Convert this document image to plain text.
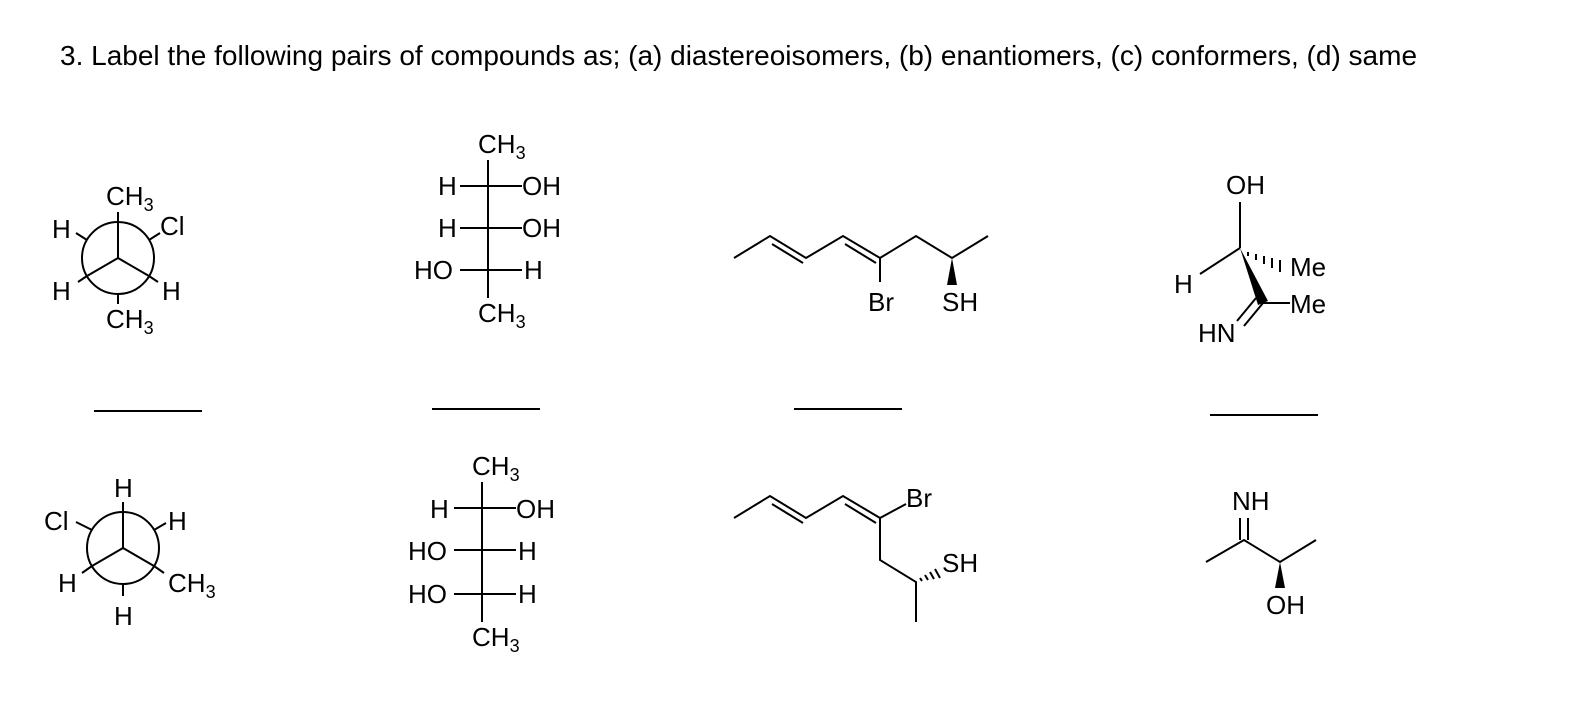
3. Label the following pairs of compounds as; (a) diastereoisomers, (b) enantiomers, (c) conformers, (d) same
$CH_3$
H	Cl
H	H
$CH_3$
H
Cl	H
H	$CH_3$
H
$CH_3$
H	OH
H	OH
HO	H
$CH_3$
$CH_3$
H	OH
HO	H
HO	H
$CH_3$
Br SH
Br
SH
OH
H
Me
Me
HN
NH
OH
